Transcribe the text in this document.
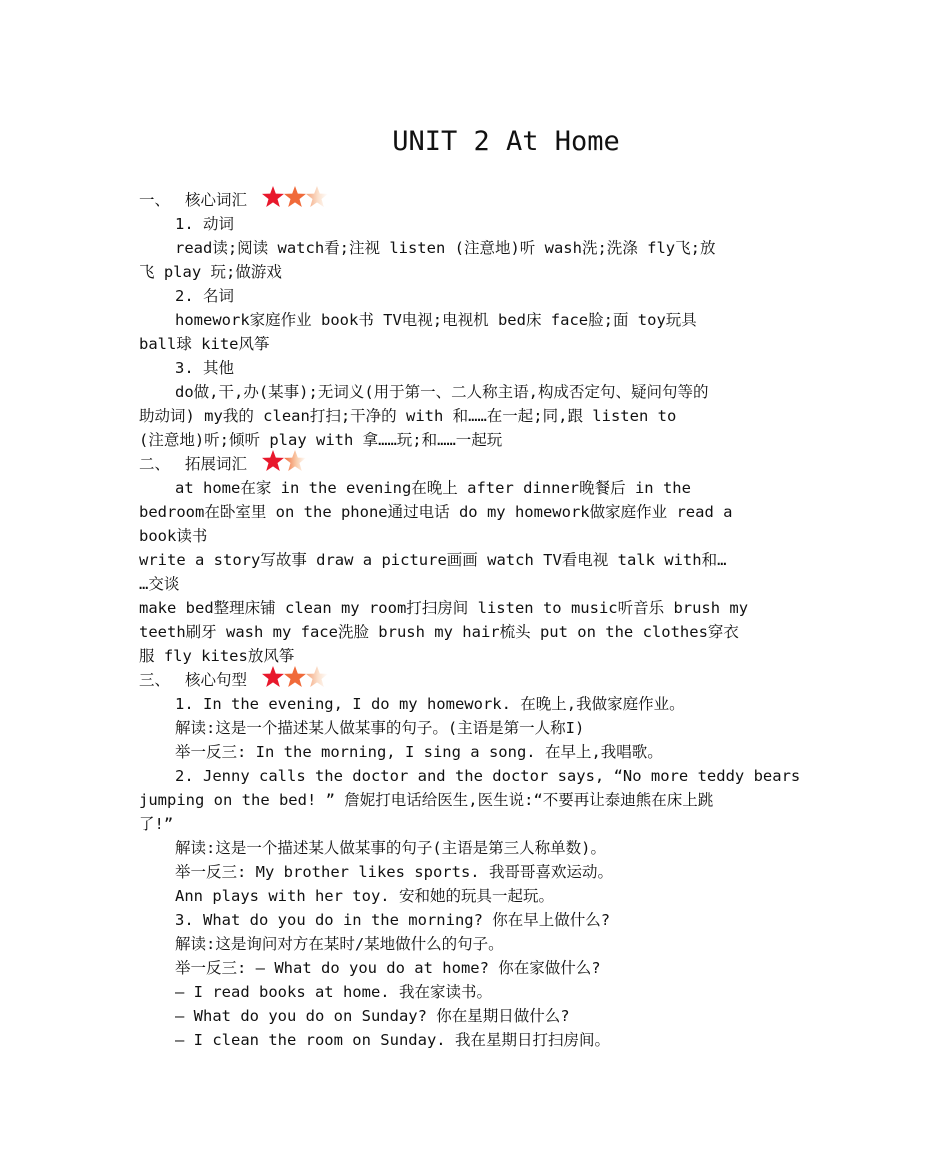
UNIT 2 At Home
一、 核心词汇
1. 动词
read读;阅读 watch看;注视 listen (注意地)听 wash洗;洗涤 fly飞;放
飞 play 玩;做游戏
2. 名词
homework家庭作业 book书 TV电视;电视机 bed床 face脸;面 toy玩具
ball球 kite风筝
3. 其他
do做,干,办(某事);无词义(用于第一、二人称主语,构成否定句、疑问句等的
助动词) my我的 clean打扫;干净的 with 和……在一起;同,跟 listen to
(注意地)听;倾听 play with 拿……玩;和……一起玩
二、 拓展词汇
at home在家 in the evening在晚上 after dinner晚餐后 in the
bedroom在卧室里 on the phone通过电话 do my homework做家庭作业 read a
book读书
write a story写故事 draw a picture画画 watch TV看电视 talk with和…
…交谈
make bed整理床铺 clean my room打扫房间 listen to music听音乐 brush my
teeth刷牙 wash my face洗脸 brush my hair梳头 put on the clothes穿衣
服 fly kites放风筝
三、 核心句型
1. In the evening, I do my homework. 在晚上,我做家庭作业。
解读:这是一个描述某人做某事的句子。(主语是第一人称I)
举一反三: In the morning, I sing a song. 在早上,我唱歌。
2. Jenny calls the doctor and the doctor says, “No more teddy bears
jumping on the bed! ” 詹妮打电话给医生,医生说:“不要再让泰迪熊在床上跳
了!”
解读:这是一个描述某人做某事的句子(主语是第三人称单数)。
举一反三: My brother likes sports. 我哥哥喜欢运动。
Ann plays with her toy. 安和她的玩具一起玩。
3. What do you do in the morning? 你在早上做什么?
解读:这是询问对方在某时/某地做什么的句子。
举一反三: — What do you do at home? 你在家做什么?
— I read books at home. 我在家读书。
— What do you do on Sunday? 你在星期日做什么?
— I clean the room on Sunday. 我在星期日打扫房间。
